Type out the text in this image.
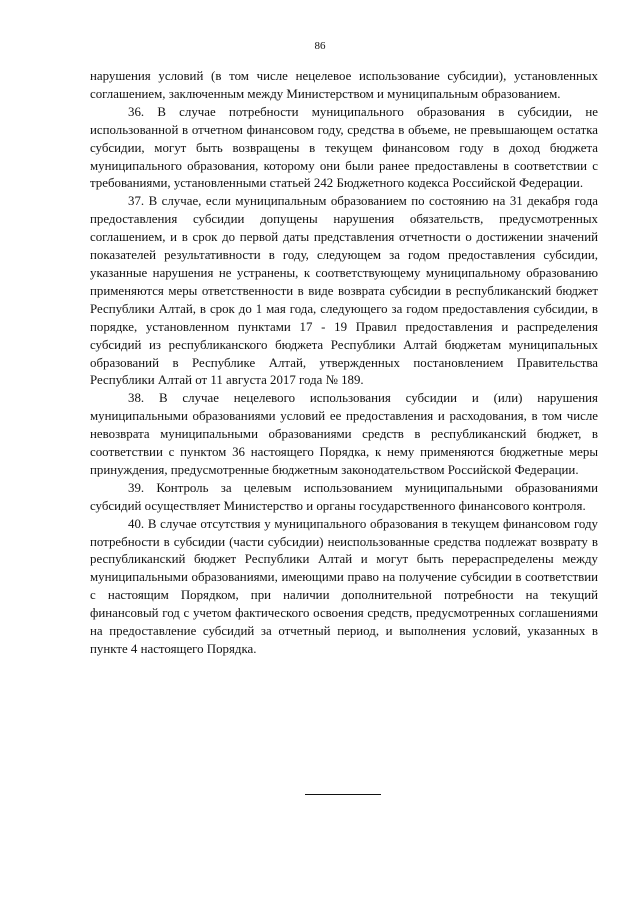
86

нарушения условий (в том числе нецелевое использование субсидии), установленных соглашением, заключенным между Министерством и муниципальным образованием.

36. В случае потребности муниципального образования в субсидии, не использованной в отчетном финансовом году, средства в объеме, не превышающем остатка субсидии, могут быть возвращены в текущем финансовом году в доход бюджета муниципального образования, которому они были ранее предоставлены в соответствии с требованиями, установленными статьей 242 Бюджетного кодекса Российской Федерации.

37. В случае, если муниципальным образованием по состоянию на 31 декабря года предоставления субсидии допущены нарушения обязательств, предусмотренных соглашением, и в срок до первой даты представления отчетности о достижении значений показателей результативности в году, следующем за годом предоставления субсидии, указанные нарушения не устранены, к соответствующему муниципальному образованию применяются меры ответственности в виде возврата субсидии в республиканский бюджет Республики Алтай, в срок до 1 мая года, следующего за годом предоставления субсидии, в порядке, установленном пунктами 17 - 19 Правил предоставления и распределения субсидий из республиканского бюджета Республики Алтай бюджетам муниципальных образований в Республике Алтай, утвержденных постановлением Правительства Республики Алтай от 11 августа 2017 года № 189.

38. В случае нецелевого использования субсидии и (или) нарушения муниципальными образованиями условий ее предоставления и расходования, в том числе невозврата муниципальными образованиями средств в республиканский бюджет, в соответствии с пунктом 36 настоящего Порядка, к нему применяются бюджетные меры принуждения, предусмотренные бюджетным законодательством Российской Федерации.

39. Контроль за целевым использованием муниципальными образованиями субсидий осуществляет Министерство и органы государственного финансового контроля.

40. В случае отсутствия у муниципального образования в текущем финансовом году потребности в субсидии (части субсидии) неиспользованные средства подлежат возврату в республиканский бюджет Республики Алтай и могут быть перераспределены между муниципальными образованиями, имеющими право на получение субсидии в соответствии с настоящим Порядком, при наличии дополнительной потребности на текущий финансовый год с учетом фактического освоения средств, предусмотренных соглашениями на предоставление субсидий за отчетный период, и выполнения условий, указанных в пункте 4 настоящего Порядка.
